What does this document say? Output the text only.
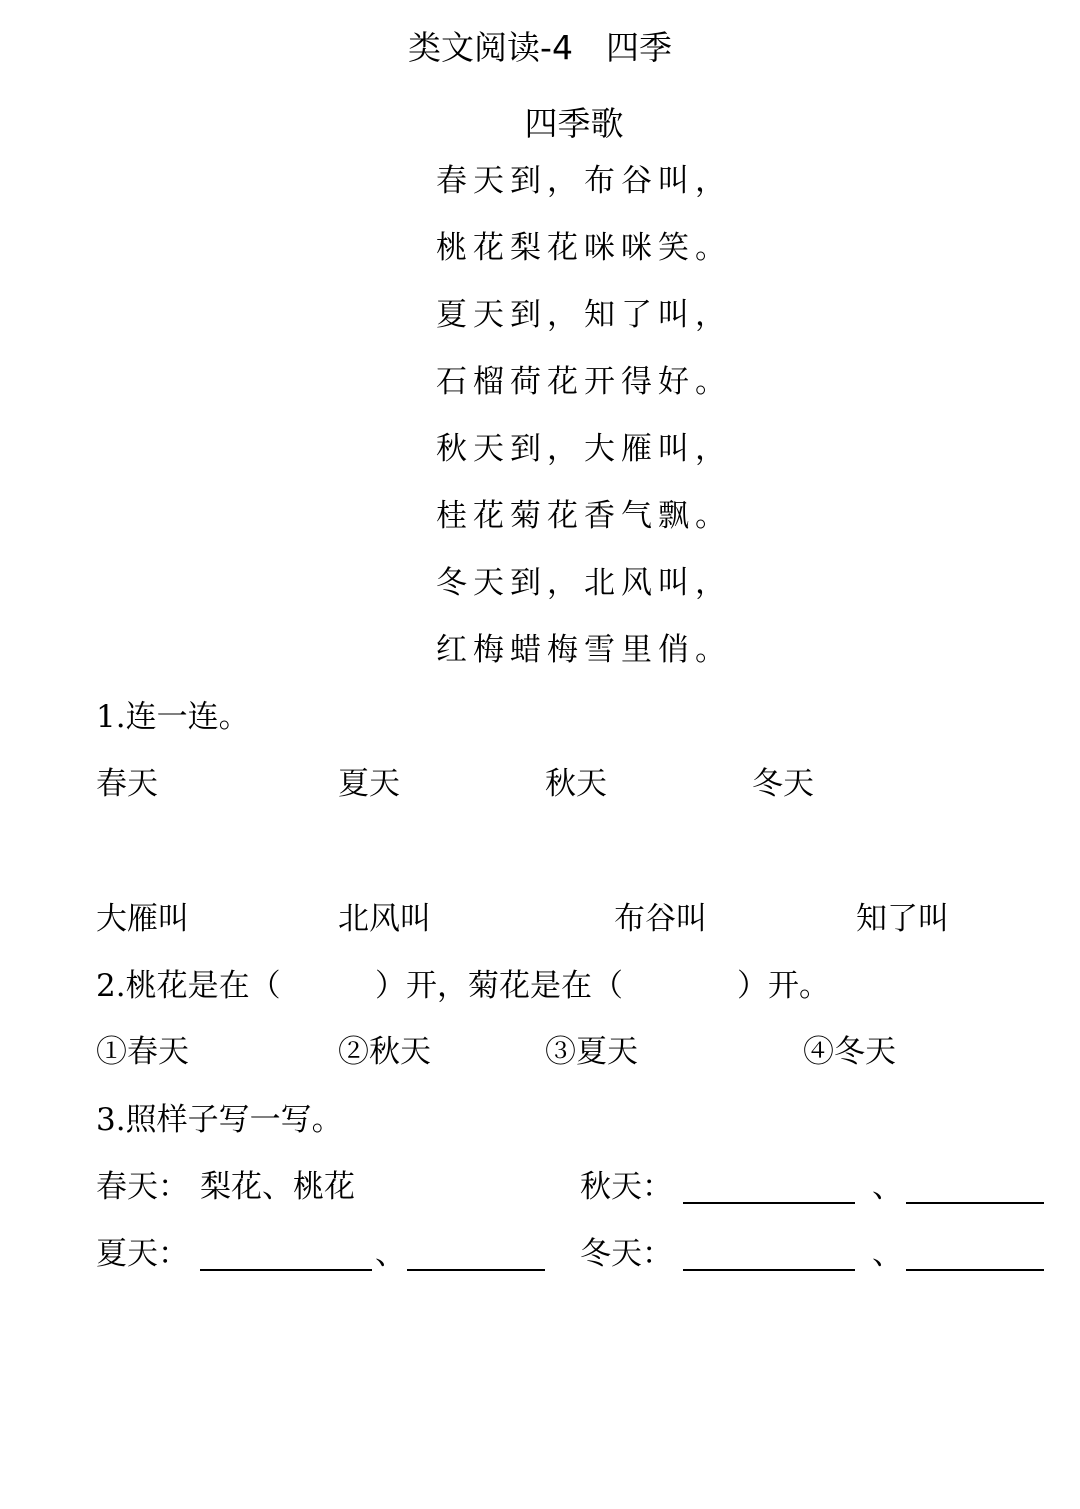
类文阅读-4　四季
四季歌
春天到，布谷叫，
桃花梨花咪咪笑。
夏天到，知了叫，
石榴荷花开得好。
秋天到，大雁叫，
桂花菊花香气飘。
冬天到，北风叫，
红梅蜡梅雪里俏。
1.连一连。
春天	夏天	秋天	冬天
大雁叫	北风叫	布谷叫	知了叫
2.桃花是在（	）开，菊花是在（	）开。
①春天	②秋天	③夏天	④冬天
3.照样子写一写。
春天： 梨花、桃花	秋天：	、
夏天：	、	冬天：	、
